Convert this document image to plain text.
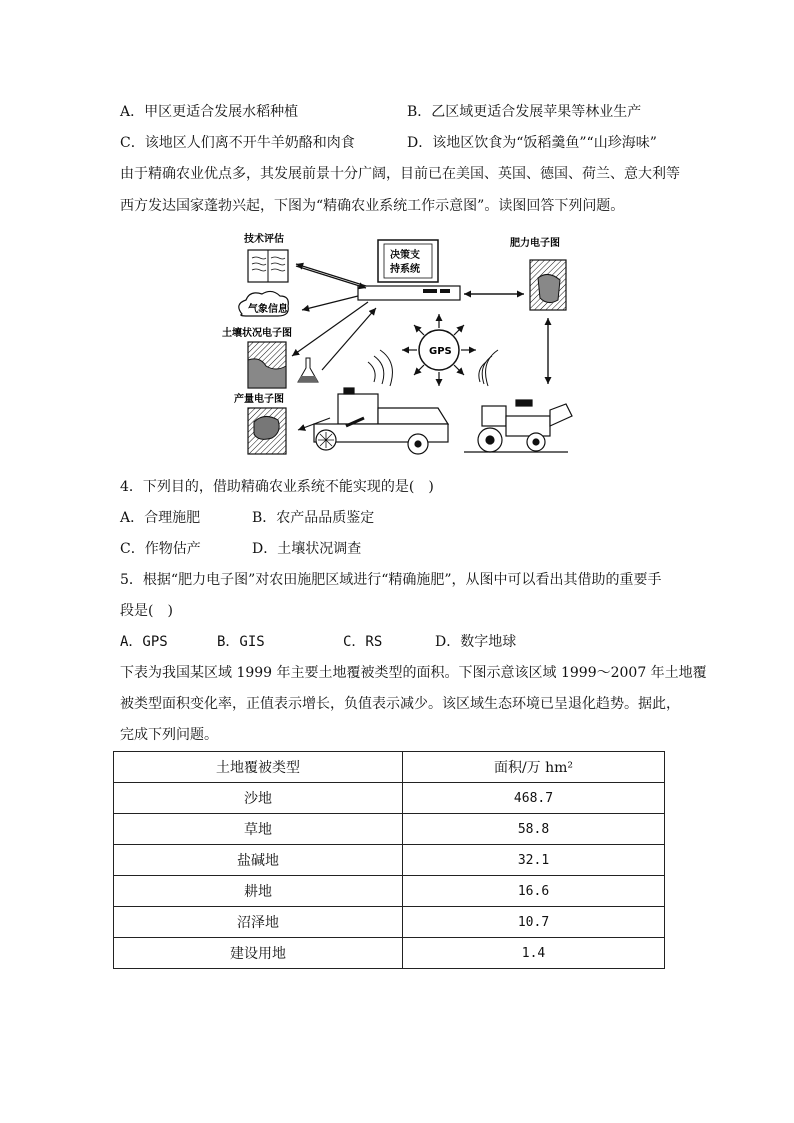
A．甲区更适合发展水稻种植	B．乙区域更适合发展苹果等林业生产
C．该地区人们离不开牛羊奶酪和肉食	D．该地区饮食为“饭稻羹鱼”“山珍海味”
由于精确农业优点多，其发展前景十分广阔，目前已在美国、英国、德国、荷兰、意大利等
西方发达国家蓬勃兴起，下图为“精确农业系统工作示意图”。读图回答下列问题。
技术评估
决策支
持系统
肥力电子图
气象信息
土壤状况电子图
产量电子图
GPS
4．下列目的，借助精确农业系统不能实现的是(　)
A．合理施肥	B．农产品品质鉴定
C．作物估产	D．土壤状况调查
5．根据“肥力电子图”对农田施肥区域进行“精确施肥”，从图中可以看出其借助的重要手
段是(　)
A．GPS	B．GIS	C．RS	D．数字地球
下表为我国某区域 1999 年主要土地覆被类型的面积。下图示意该区域 1999～2007 年土地覆
被类型面积变化率，正值表示增长，负值表示减少。该区域生态环境已呈退化趋势。据此，
完成下列问题。
土地覆被类型	面积/万 hm²
沙地	468.7
草地	58.8
盐碱地	32.1
耕地	16.6
沼泽地	10.7
建设用地	1.4
